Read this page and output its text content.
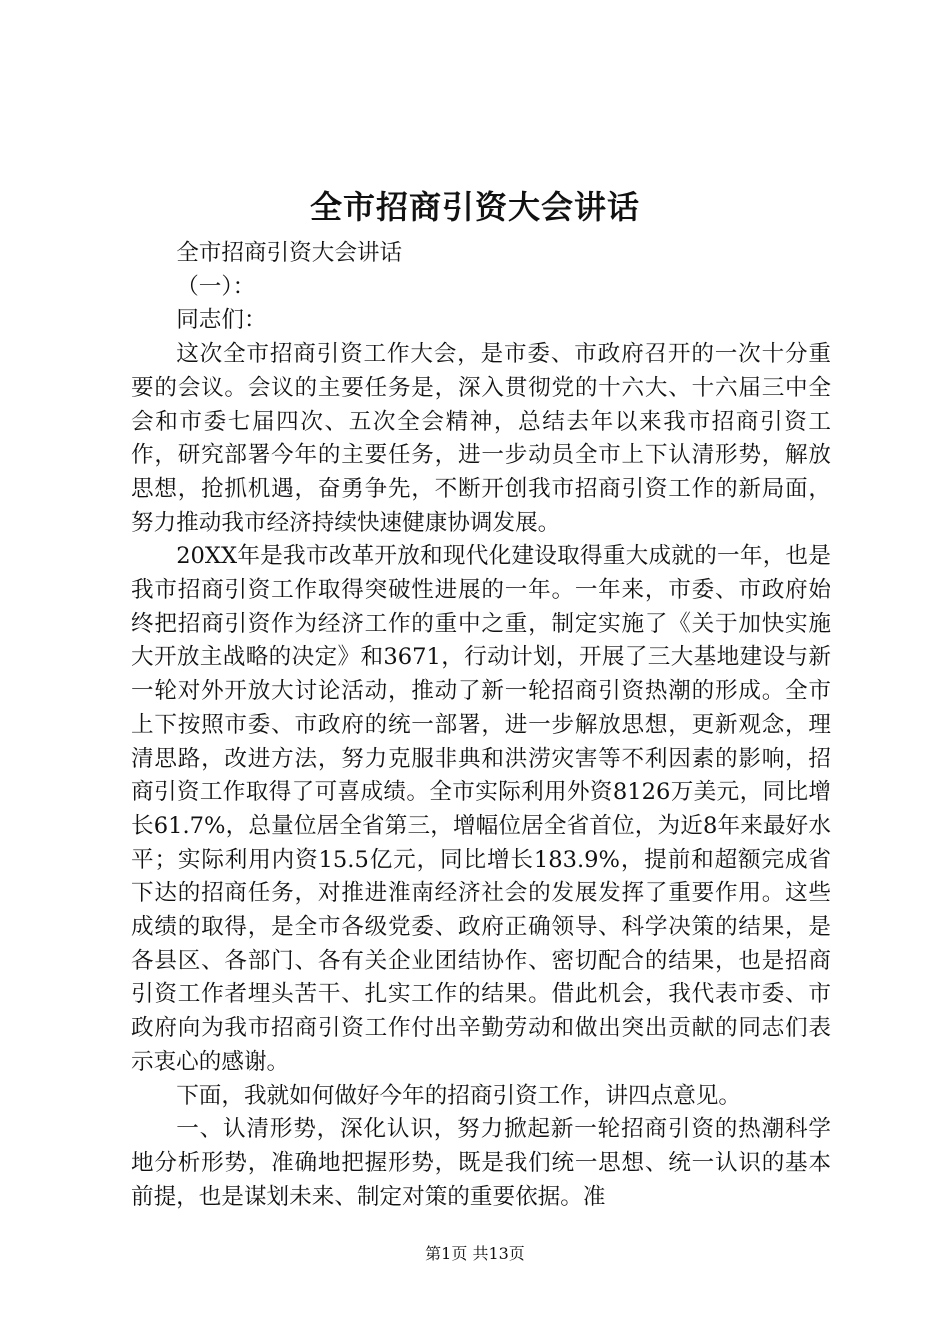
全市招商引资大会讲话

全市招商引资大会讲话

（一）：

同志们：

这次全市招商引资工作大会，是市委、市政府召开的一次十分重要的会议。会议的主要任务是，深入贯彻党的十六大、十六届三中全会和市委七届四次、五次全会精神，总结去年以来我市招商引资工作，研究部署今年的主要任务，进一步动员全市上下认清形势，解放思想，抢抓机遇，奋勇争先，不断开创我市招商引资工作的新局面，努力推动我市经济持续快速健康协调发展。

20XX年是我市改革开放和现代化建设取得重大成就的一年，也是我市招商引资工作取得突破性进展的一年。一年来，市委、市政府始终把招商引资作为经济工作的重中之重，制定实施了《关于加快实施大开放主战略的决定》和3671，行动计划，开展了三大基地建设与新一轮对外开放大讨论活动，推动了新一轮招商引资热潮的形成。全市上下按照市委、市政府的统一部署，进一步解放思想，更新观念，理清思路，改进方法，努力克服非典和洪涝灾害等不利因素的影响，招商引资工作取得了可喜成绩。全市实际利用外资8126万美元，同比增长61.7%，总量位居全省第三，增幅位居全省首位，为近8年来最好水平；实际利用内资15.5亿元，同比增长183.9%，提前和超额完成省下达的招商任务，对推进淮南经济社会的发展发挥了重要作用。这些成绩的取得，是全市各级党委、政府正确领导、科学决策的结果，是各县区、各部门、各有关企业团结协作、密切配合的结果，也是招商引资工作者埋头苦干、扎实工作的结果。借此机会，我代表市委、市政府向为我市招商引资工作付出辛勤劳动和做出突出贡献的同志们表示衷心的感谢。

下面，我就如何做好今年的招商引资工作，讲四点意见。

一、认清形势，深化认识，努力掀起新一轮招商引资的热潮科学地分析形势，准确地把握形势，既是我们统一思想、统一认识的基本前提，也是谋划未来、制定对策的重要依据。准

第1页 共13页
